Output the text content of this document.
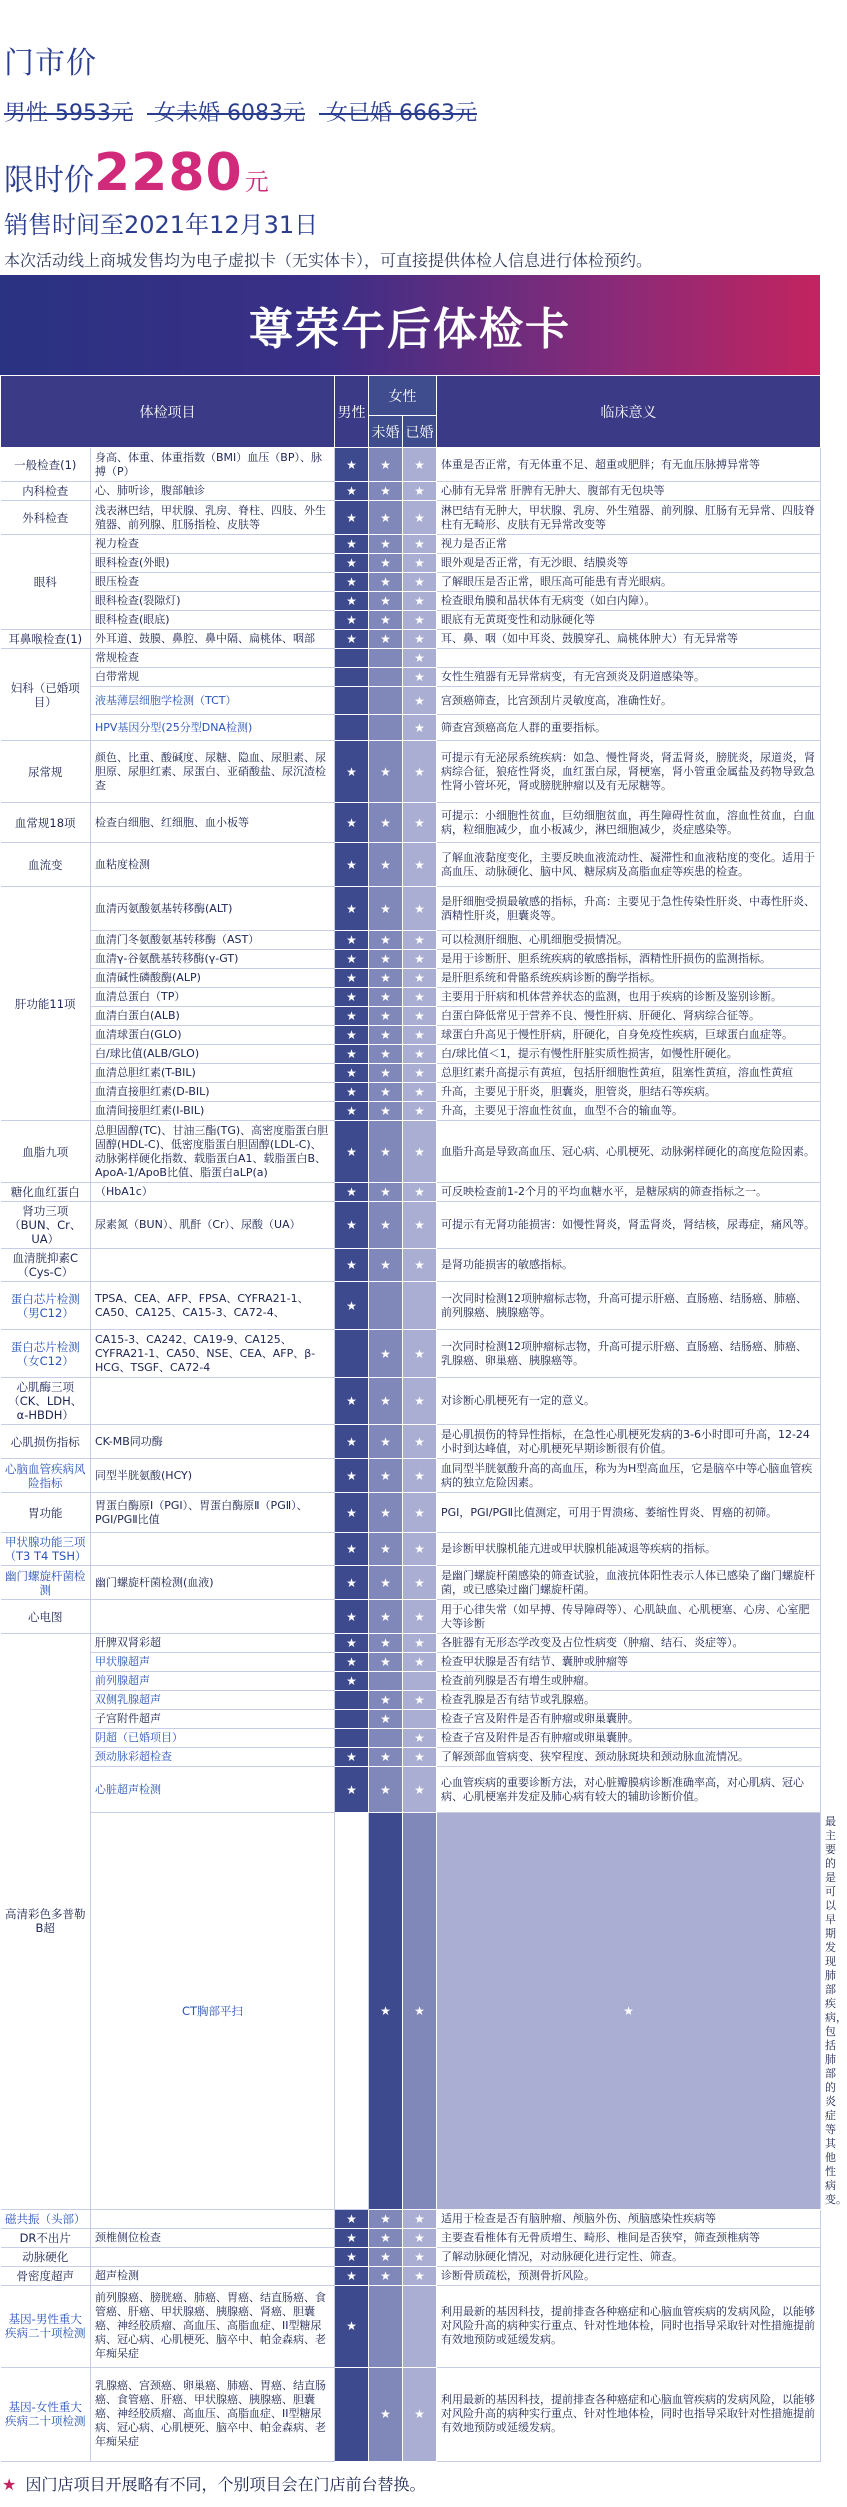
门市价
男性 5953元 女未婚 6083元 女已婚 6663元
限时价 2280 元
销售时间至2021年12月31日
本次活动线上商城发售均为电子虚拟卡（无实体卡），可直接提供体检人信息进行体检预约。
尊荣午后体检卡
体检项目		男性	女性		临床意义	
			未婚	已婚		
一般检查(1)	身高、体重、体重指数（BMI）血压（BP）、脉搏（P）	★	★	★	体重是否正常，有无体重不足、超重或肥胖；有无血压脉搏异常等	
内科检查	心、肺听诊，腹部触诊	★	★	★	心肺有无异常 肝脾有无肿大、腹部有无包块等	
外科检查	浅表淋巴结，甲状腺、乳房、脊柱、四肢、外生殖器、前列腺、肛肠指检、皮肤等	★	★	★	淋巴结有无肿大，甲状腺、乳房、外生殖器、前列腺、肛肠有无异常、四肢脊柱有无畸形、皮肤有无异常改变等	
眼科	视力检查	★	★	★	视力是否正常	
	眼科检查(外眼)	★	★	★	眼外观是否正常，有无沙眼、结膜炎等	
	眼压检查	★	★	★	了解眼压是否正常，眼压高可能患有青光眼病。	
	眼科检查(裂隙灯)	★	★	★	检查眼角膜和晶状体有无病变（如白内障）。	
	眼科检查(眼底)	★	★	★	眼底有无黄斑变性和动脉硬化等	
耳鼻喉检查(1)	外耳道、鼓膜、鼻腔、鼻中隔、扁桃体、咽部	★	★	★	耳、鼻、咽（如中耳炎、鼓膜穿孔、扁桃体肿大）有无异常等	
妇科（已婚项目）	常规检查			★		
	白带常规			★	女性生殖器有无异常病变，有无宫颈炎及阴道感染等。	
	液基薄层细胞学检测（TCT）			★	宫颈癌筛查，比宫颈刮片灵敏度高，准确性好。	
	HPV基因分型(25分型DNA检测)			★	筛查宫颈癌高危人群的重要指标。	
尿常规	颜色、比重、酸碱度、尿糖、隐血、尿胆素、尿胆原、尿胆红素、尿蛋白、亚硝酸盐、尿沉渣检查	★	★	★	可提示有无泌尿系统疾病：如急、慢性肾炎，肾盂肾炎，膀胱炎，尿道炎，肾病综合征，狼疮性肾炎，血红蛋白尿，肾梗塞，肾小管重金属盐及药物导致急性肾小管坏死，肾或膀胱肿瘤以及有无尿糖等。	
血常规18项	检查白细胞、红细胞、血小板等	★	★	★	可提示：小细胞性贫血，巨幼细胞贫血，再生障碍性贫血，溶血性贫血，白血病，粒细胞减少，血小板减少，淋巴细胞减少，炎症感染等。	
血流变	血粘度检测	★	★	★	了解血液黏度变化，主要反映血液流动性、凝滞性和血液粘度的变化。适用于高血压、动脉硬化、脑中风、糖尿病及高脂血症等疾患的检查。	
肝功能11项	血清丙氨酸氨基转移酶(ALT)	★	★	★	是肝细胞受损最敏感的指标，升高：主要见于急性传染性肝炎、中毒性肝炎、酒精性肝炎，胆囊炎等。	
	血清门冬氨酸氨基转移酶（AST）	★	★	★	可以检测肝细胞、心肌细胞受损情况。	
	血清γ-谷氨酰基转移酶(γ-GT)	★	★	★	是用于诊断肝、胆系统疾病的敏感指标，酒精性肝损伤的监测指标。	
	血清碱性磷酸酶(ALP)	★	★	★	是肝胆系统和骨骼系统疾病诊断的酶学指标。	
	血清总蛋白（TP）	★	★	★	主要用于肝病和机体营养状态的监测，也用于疾病的诊断及鉴别诊断。	
	血清白蛋白(ALB)	★	★	★	白蛋白降低常见于营养不良、慢性肝病、肝硬化、肾病综合征等。	
	血清球蛋白(GLO)	★	★	★	球蛋白升高见于慢性肝病，肝硬化，自身免疫性疾病，巨球蛋白血症等。	
	白/球比值(ALB/GLO)	★	★	★	白/球比值＜1，提示有慢性肝脏实质性损害，如慢性肝硬化。	
	血清总胆红素(T-BIL)	★	★	★	总胆红素升高提示有黄疸，包括肝细胞性黄疸，阻塞性黄疸，溶血性黄疸	
	血清直接胆红素(D-BIL)	★	★	★	升高，主要见于肝炎，胆囊炎，胆管炎，胆结石等疾病。	
	血清间接胆红素(I-BIL)	★	★	★	升高，主要见于溶血性贫血，血型不合的输血等。	
血脂九项	总胆固醇(TC)、甘油三酯(TG)、高密度脂蛋白胆固醇(HDL-C)、低密度脂蛋白胆固醇(LDL-C)、动脉粥样硬化指数、载脂蛋白A1、载脂蛋白B、ApoA-1/ApoB比值、脂蛋白aLP(a)	★	★	★	血脂升高是导致高血压、冠心病、心肌梗死、动脉粥样硬化的高度危险因素。	
糖化血红蛋白	（HbA1c）	★	★	★	可反映检查前1-2个月的平均血糖水平，是糖尿病的筛查指标之一。	
肾功三项（BUN、Cr、UA）	尿素氮（BUN）、肌酐（Cr）、尿酸（UA）	★	★	★	可提示有无肾功能损害：如慢性肾炎，肾盂肾炎，肾结核，尿毒症，痛风等。	
血清胱抑素C（Cys-C）		★	★	★	是肾功能损害的敏感指标。	
蛋白芯片检测（男C12）	TPSA、CEA、AFP、FPSA、CYFRA21-1、CA50、CA125、CA15-3、CA72-4、	★			一次同时检测12项肿瘤标志物，升高可提示肝癌、直肠癌、结肠癌、肺癌、前列腺癌、胰腺癌等。	
蛋白芯片检测（女C12）	CA15-3、CA242、CA19-9、CA125、CYFRA21-1、CA50、NSE、CEA、AFP、β-HCG、TSGF、CA72-4		★	★	一次同时检测12项肿瘤标志物，升高可提示肝癌、直肠癌、结肠癌、肺癌、乳腺癌、卵巢癌、胰腺癌等。	
心肌酶三项（CK、LDH、α-HBDH）		★	★	★	对诊断心肌梗死有一定的意义。	
心肌损伤指标	CK-MB同功酶	★	★	★	是心肌损伤的特异性指标，在急性心肌梗死发病的3-6小时即可升高，12-24小时到达峰值，对心肌梗死早期诊断很有价值。	
心脑血管疾病风险指标	同型半胱氨酸(HCY)	★	★	★	血同型半胱氨酸升高的高血压，称为为H型高血压，它是脑卒中等心脑血管疾病的独立危险因素。	
胃功能	胃蛋白酶原Ⅰ（PGⅠ）、胃蛋白酶原Ⅱ（PGⅡ）、PGⅠ/PGⅡ比值	★	★	★	PGⅠ，PGⅠ/PGⅡ比值测定，可用于胃溃疡、萎缩性胃炎、胃癌的初筛。	
甲状腺功能三项（T3 T4 TSH）		★	★	★	是诊断甲状腺机能亢进或甲状腺机能减退等疾病的指标。	
幽门螺旋杆菌检测	幽门螺旋杆菌检测(血液)	★	★	★	是幽门螺旋杆菌感染的筛查试验，血液抗体阳性表示人体已感染了幽门螺旋杆菌，或已感染过幽门螺旋杆菌。	
心电图		★	★	★	用于心律失常（如早搏、传导障碍等）、心肌缺血、心肌梗塞、心房、心室肥大等诊断	
高清彩色多普勒B超	肝脾双肾彩超	★	★	★	各脏器有无形态学改变及占位性病变（肿瘤、结石、炎症等）。	
	甲状腺超声	★	★	★	检查甲状腺是否有结节、囊肿或肿瘤等	
	前列腺超声	★			检查前列腺是否有增生或肿瘤。	
	双侧乳腺超声		★	★	检查乳腺是否有结节或乳腺癌。	
	子宫附件超声		★		检查子宫及附件是否有肿瘤或卵巢囊肿。	
	阴超（已婚项目）			★	检查子宫及附件是否有肿瘤或卵巢囊肿。	
	颈动脉彩超检查	★	★	★	了解颈部血管病变、狭窄程度、颈动脉斑块和颈动脉血流情况。	
	心脏超声检测	★	★	★	心血管疾病的重要诊断方法，对心脏瓣膜病诊断准确率高，对心肌病、冠心病、心肌梗塞并发症及肺心病有较大的辅助诊断价值。	
	CT胸部平扫		★	★	★	最主要的是可以早期发现肺部疾病，包括肺部的炎症等其他性病变。
磁共振（头部）		★	★	★	适用于检查是否有脑肿瘤、颅脑外伤、颅脑感染性疾病等	
DR不出片	颈椎侧位检查	★	★	★	主要查看椎体有无骨质增生、畸形、椎间是否狭窄，筛查颈椎病等	
动脉硬化		★	★	★	了解动脉硬化情况，对动脉硬化进行定性、筛查。	
骨密度超声	超声检测	★	★	★	诊断骨质疏松，预测骨折风险。	
基因-男性重大疾病二十项检测	前列腺癌、膀胱癌、肺癌、胃癌、结直肠癌、食管癌、肝癌、甲状腺癌、胰腺癌、肾癌、胆囊癌、神经胶质瘤、高血压、高脂血症、II型糖尿病、冠心病、心肌梗死、脑卒中、帕金森病、老年痴呆症	★			利用最新的基因科技，提前排查各种癌症和心脑血管疾病的发病风险，以能够对风险升高的病种实行重点、针对性地体检，同时也指导采取针对性措施提前有效地预防或延缓发病。	
基因-女性重大疾病二十项检测	乳腺癌、宫颈癌、卵巢癌、肺癌、胃癌、结直肠癌、食管癌、肝癌、甲状腺癌、胰腺癌、胆囊癌、神经胶质瘤、高血压、高脂血症、II型糖尿病、冠心病、心肌梗死、脑卒中、帕金森病、老年痴呆症		★	★	利用最新的基因科技，提前排查各种癌症和心脑血管疾病的发病风险，以能够对风险升高的病种实行重点、针对性地体检，同时也指导采取针对性措施提前有效地预防或延缓发病。	
★ 因门店项目开展略有不同，个别项目会在门店前台替换。
